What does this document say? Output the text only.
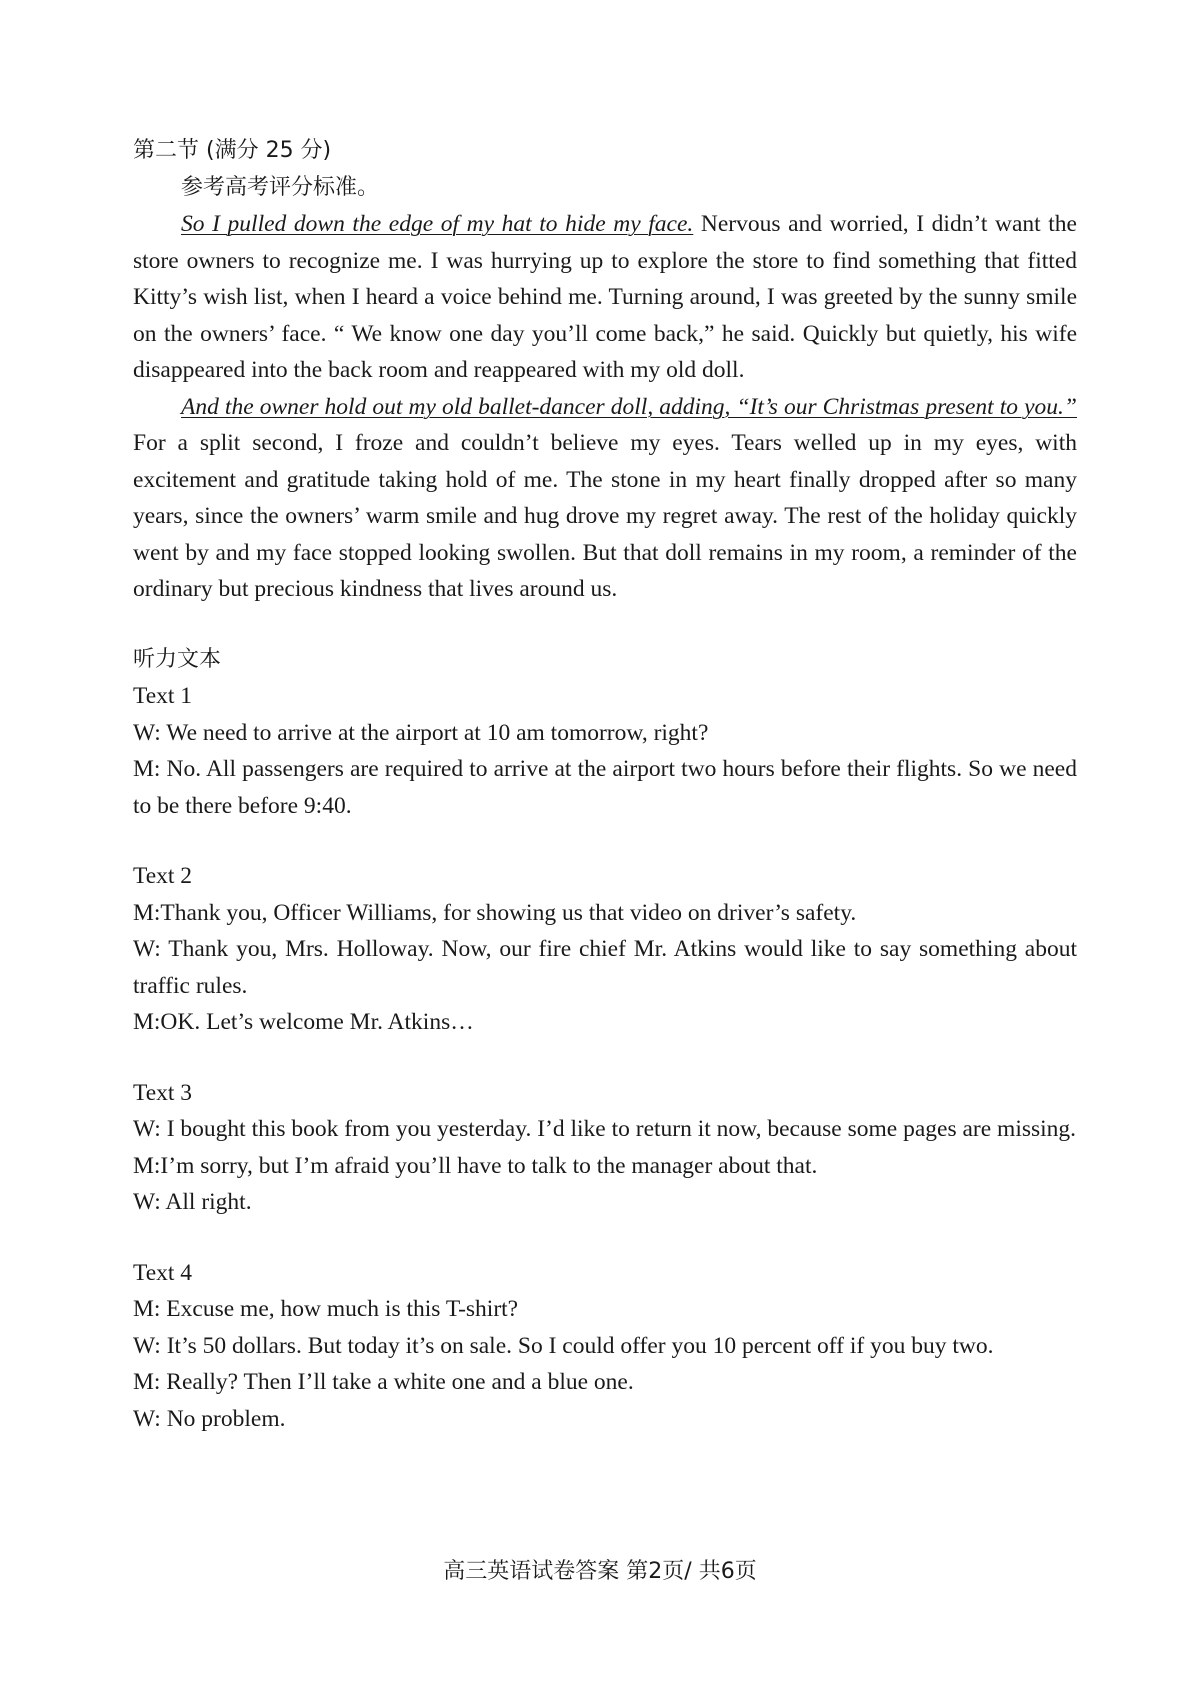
第二节 (满分 25 分)

参考高考评分标准。

So I pulled down the edge of my hat to hide my face. Nervous and worried, I didn’t want the store owners to recognize me. I was hurrying up to explore the store to find something that fitted Kitty’s wish list, when I heard a voice behind me. Turning around, I was greeted by the sunny smile on the owners’ face. “ We know one day you’ll come back,” he said. Quickly but quietly, his wife disappeared into the back room and reappeared with my old doll.

And the owner hold out my old ballet-dancer doll, adding, “It’s our Christmas present to you.” For a split second, I froze and couldn’t believe my eyes. Tears welled up in my eyes, with excitement and gratitude taking hold of me. The stone in my heart finally dropped after so many years, since the owners’ warm smile and hug drove my regret away. The rest of the holiday quickly went by and my face stopped looking swollen. But that doll remains in my room, a reminder of the ordinary but precious kindness that lives around us.

听力文本

Text 1

W: We need to arrive at the airport at 10 am tomorrow, right?

M: No. All passengers are required to arrive at the airport two hours before their flights. So we need to be there before 9:40.

Text 2

M:Thank you, Officer Williams, for showing us that video on driver’s safety.

W: Thank you, Mrs. Holloway. Now, our fire chief Mr. Atkins would like to say something about traffic rules.

M:OK. Let’s welcome Mr. Atkins…

Text 3

W: I bought this book from you yesterday. I’d like to return it now, because some pages are missing.

M:I’m sorry, but I’m afraid you’ll have to talk to the manager about that.

W: All right.

Text 4

M: Excuse me, how much is this T-shirt?

W: It’s 50 dollars. But today it’s on sale. So I could offer you 10 percent off if you buy two.

M: Really? Then I’ll take a white one and a blue one.

W: No problem.

高三英语试卷答案 第2页/ 共6页
